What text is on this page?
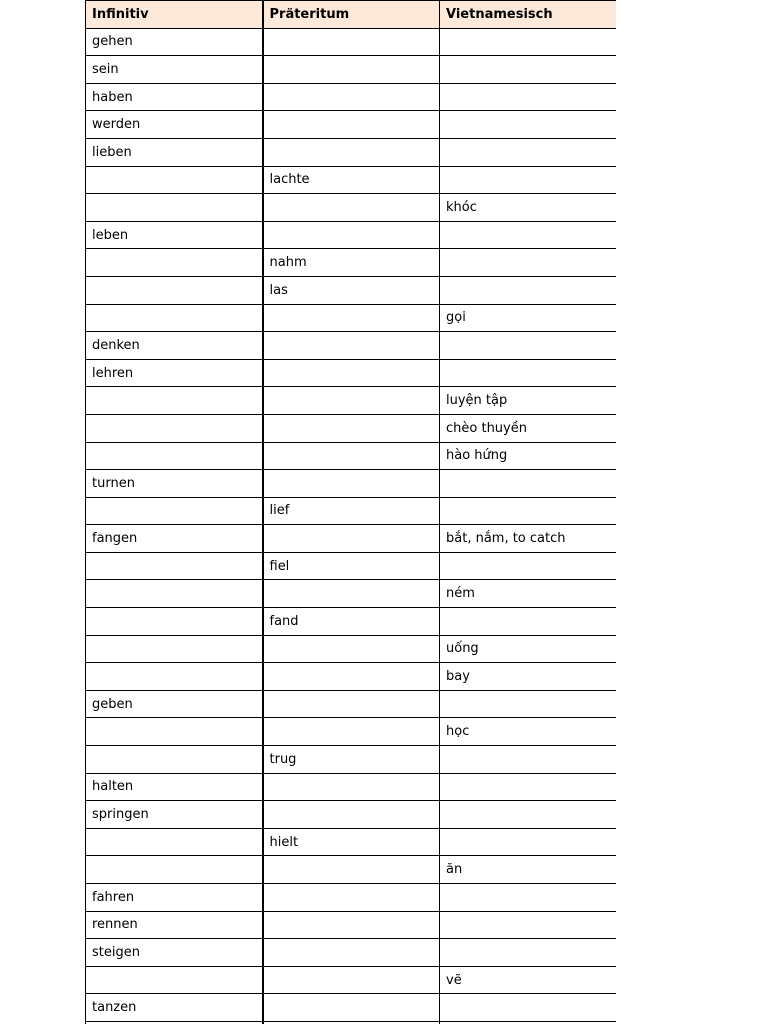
Infinitiv	Präteritum	Vietnamesisch
gehen		
sein		
haben		
werden		
lieben		
	lachte	
		khóc
leben		
	nahm	
	las	
		gọi
denken		
lehren		
		luyện tập
		chèo thuyền
		hào hứng
turnen		
	lief	
fangen		bắt, nắm, to catch
	fiel	
		ném
	fand	
		uống
		bay
geben		
		học
	trug	
halten		
springen		
	hielt	
		ăn
fahren		
rennen		
steigen		
		vẽ
tanzen		
